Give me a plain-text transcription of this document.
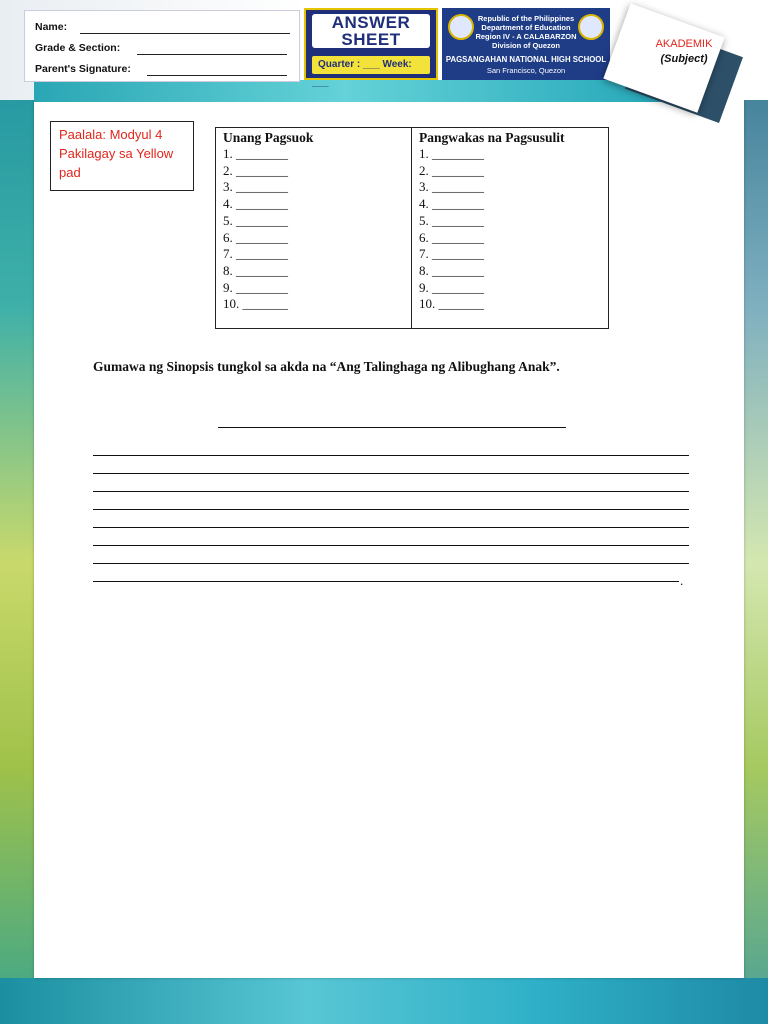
Name:
Grade & Section:
Parent's Signature:
ANSWER
SHEET
Quarter : ___ Week: ___
Republic of the Philippines
Department of Education
Region IV - A CALABARZON
Division of Quezon
PAGSANGAHAN NATIONAL HIGH SCHOOL
San Francisco, Quezon
AKADEMIK
(Subject)
Paalala: Modyul 4 Pakilagay sa Yellow pad
Unang Pagsuok
1. ________
2. ________
3. ________
4. ________
5. ________
6. ________
7. ________
8. ________
9. ________
10. _______
Pangwakas na Pagsusulit
1. ________
2. ________
3. ________
4. ________
5. ________
6. ________
7. ________
8. ________
9. ________
10. _______
Gumawa ng Sinopsis tungkol sa akda na “Ang Talinghaga ng Alibughang Anak”.
.
